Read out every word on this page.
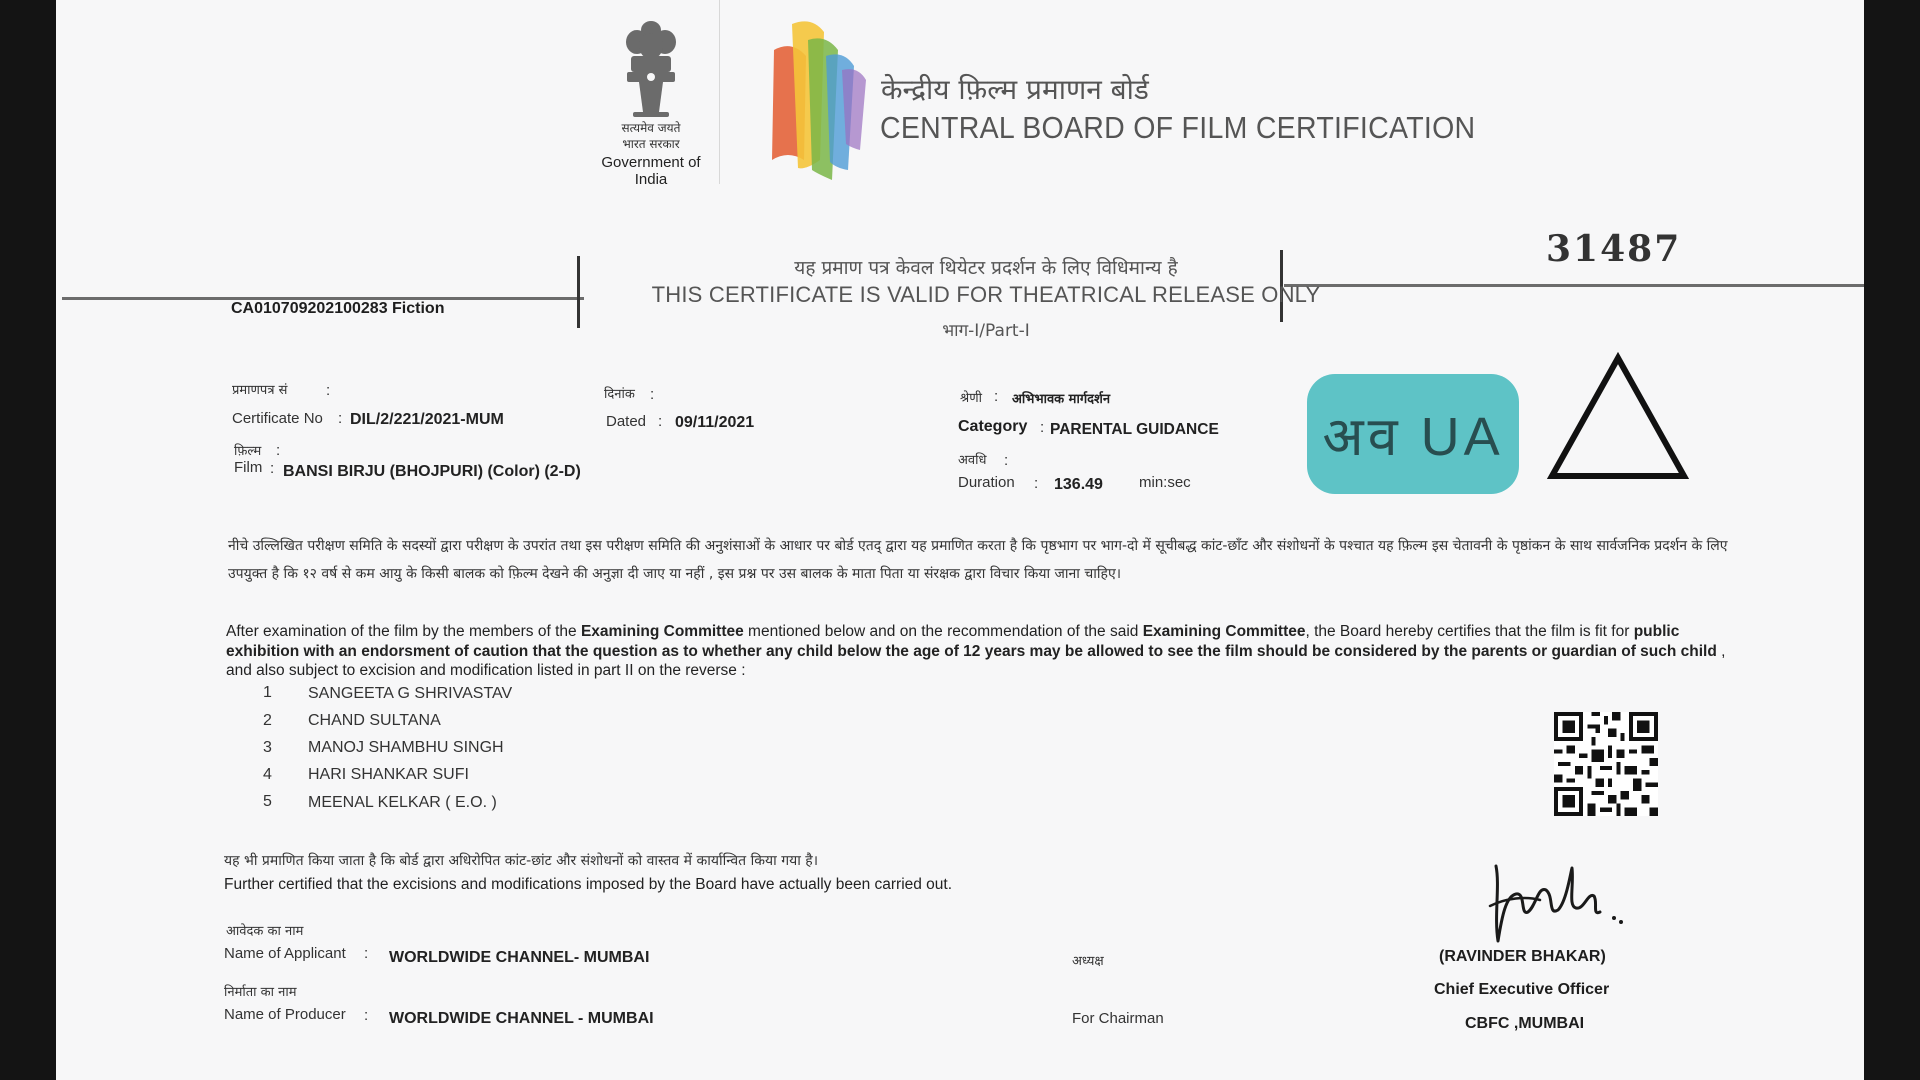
सत्यमेव जयते
भारत सरकार
Government of India
केन्द्रीय फ़िल्म प्रमाणन बोर्ड
CENTRAL BOARD OF FILM CERTIFICATION
यह प्रमाण पत्र केवल थियेटर प्रदर्शन के लिए विधिमान्य है
THIS CERTIFICATE IS VALID FOR THEATRICAL RELEASE ONLY
भाग-I/Part-I
31487
CA010709202100283 Fiction
प्रमाणपत्र सं	:
Certificate No : DIL/2/221/2021-MUM
दिनांक :
Dated : 09/11/2021
फ़िल्म :
Film : BANSI BIRJU (BHOJPURI) (Color) (2-D)
श्रेणी : अभिभावक मार्गदर्शन
Category : PARENTAL GUIDANCE
अवधि :
Duration : 136.49 min:sec
अव UA
नीचे उल्लिखित परीक्षण समिति के सदस्यों द्वारा परीक्षण के उपरांत तथा इस परीक्षण समिति की अनुशंसाओं के आधार पर बोर्ड एतद् द्वारा यह प्रमाणित करता है कि पृष्ठभाग पर भाग-दो में सूचीबद्ध कांट-छाँट और संशोधनों के पश्चात यह फ़िल्म इस चेतावनी के पृष्ठांकन के साथ सार्वजनिक प्रदर्शन के लिए उपयुक्त है कि १२ वर्ष से कम आयु के किसी बालक को फ़िल्म देखने की अनुज्ञा दी जाए या नहीं , इस प्रश्न पर उस बालक के माता पिता या संरक्षक द्वारा विचार किया जाना चाहिए।
After examination of the film by the members of the Examining Committee mentioned below and on the recommendation of the said Examining Committee, the Board hereby certifies that the film is fit for public exhibition with an endorsment of caution that the question as to whether any child below the age of 12 years may be allowed to see the film should be considered by the parents or guardian of such child , and also subject to excision and modification listed in part II on the reverse :
1 SANGEETA G SHRIVASTAV
2 CHAND SULTANA
3 MANOJ SHAMBHU SINGH
4 HARI SHANKAR SUFI
5 MEENAL KELKAR ( E.O. )
यह भी प्रमाणित किया जाता है कि बोर्ड द्वारा अधिरोपित कांट-छांट और संशोधनों को वास्तव में कार्यान्वित किया गया है।
Further certified that the excisions and modifications imposed by the Board have actually been carried out.
आवेदक का नाम
Name of Applicant : WORLDWIDE CHANNEL- MUMBAI
निर्माता का नाम
Name of Producer : WORLDWIDE CHANNEL - MUMBAI
अध्यक्ष
For Chairman
(RAVINDER BHAKAR)
Chief Executive Officer
CBFC ,MUMBAI
